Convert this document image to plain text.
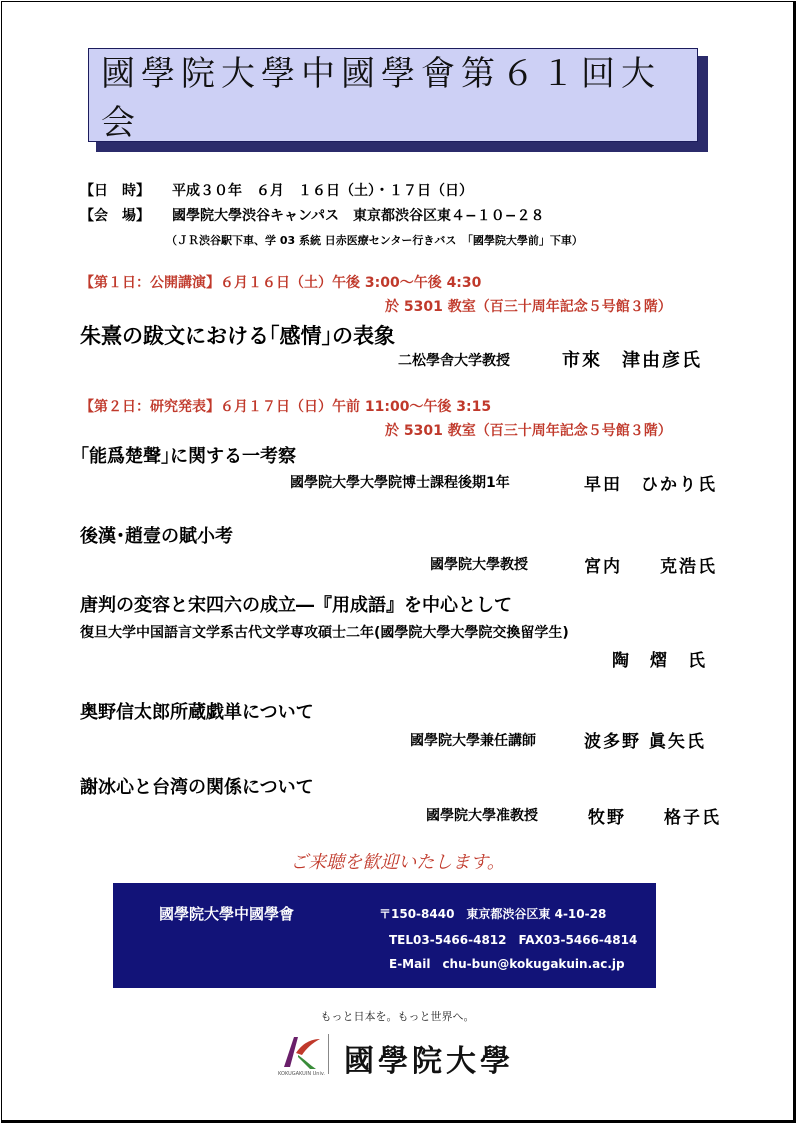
國學院大學中國學會第６１回大会
【日　時】 平成３０年　６月　１６日（土）・１７日（日）
【会　場】 國學院大學渋谷キャンパス　東京都渋谷区東４−１０−２８
（ＪＲ渋谷駅下車、学 03 系統 日赤医療センター行きバス　「國學院大學前」下車）
【第１日：公開講演】６月１６日（土）午後 3:00〜午後 4:30
於 5301 教室（百三十周年記念５号館３階）
朱熹の跋文における｢感情｣の表象
二松學舎大学教授	市來　津由彦氏
【第２日：研究発表】６月１７日（日）午前 11:00〜午後 3:15
於 5301 教室（百三十周年記念５号館３階）
｢能爲楚聲｣に関する一考察
國學院大學大學院博士課程後期1年	早田　ひかり氏
後漢･趙壹の賦小考
國學院大學教授	宮内　　克浩氏
唐判の変容と宋四六の成立―『用成語』を中心として
復旦大学中国語言文学系古代文学専攻碩士二年(國學院大學大學院交換留学生)
陶　熠　氏
奥野信太郎所蔵戯単について
國學院大學兼任講師	波多野 眞矢氏
謝冰心と台湾の関係について
國學院大學准教授	牧野　　格子氏
ご来聴を歓迎いたします。
國學院大學中國學會	〒150-8440　東京都渋谷区東 4-10-28
TEL03-5466-4812　FAX03-5466-4814
E-Mail　chu-bun@kokugakuin.ac.jp
もっと日本を。もっと世界へ。
KOKUGAKUIN Univ. 國學院大學
